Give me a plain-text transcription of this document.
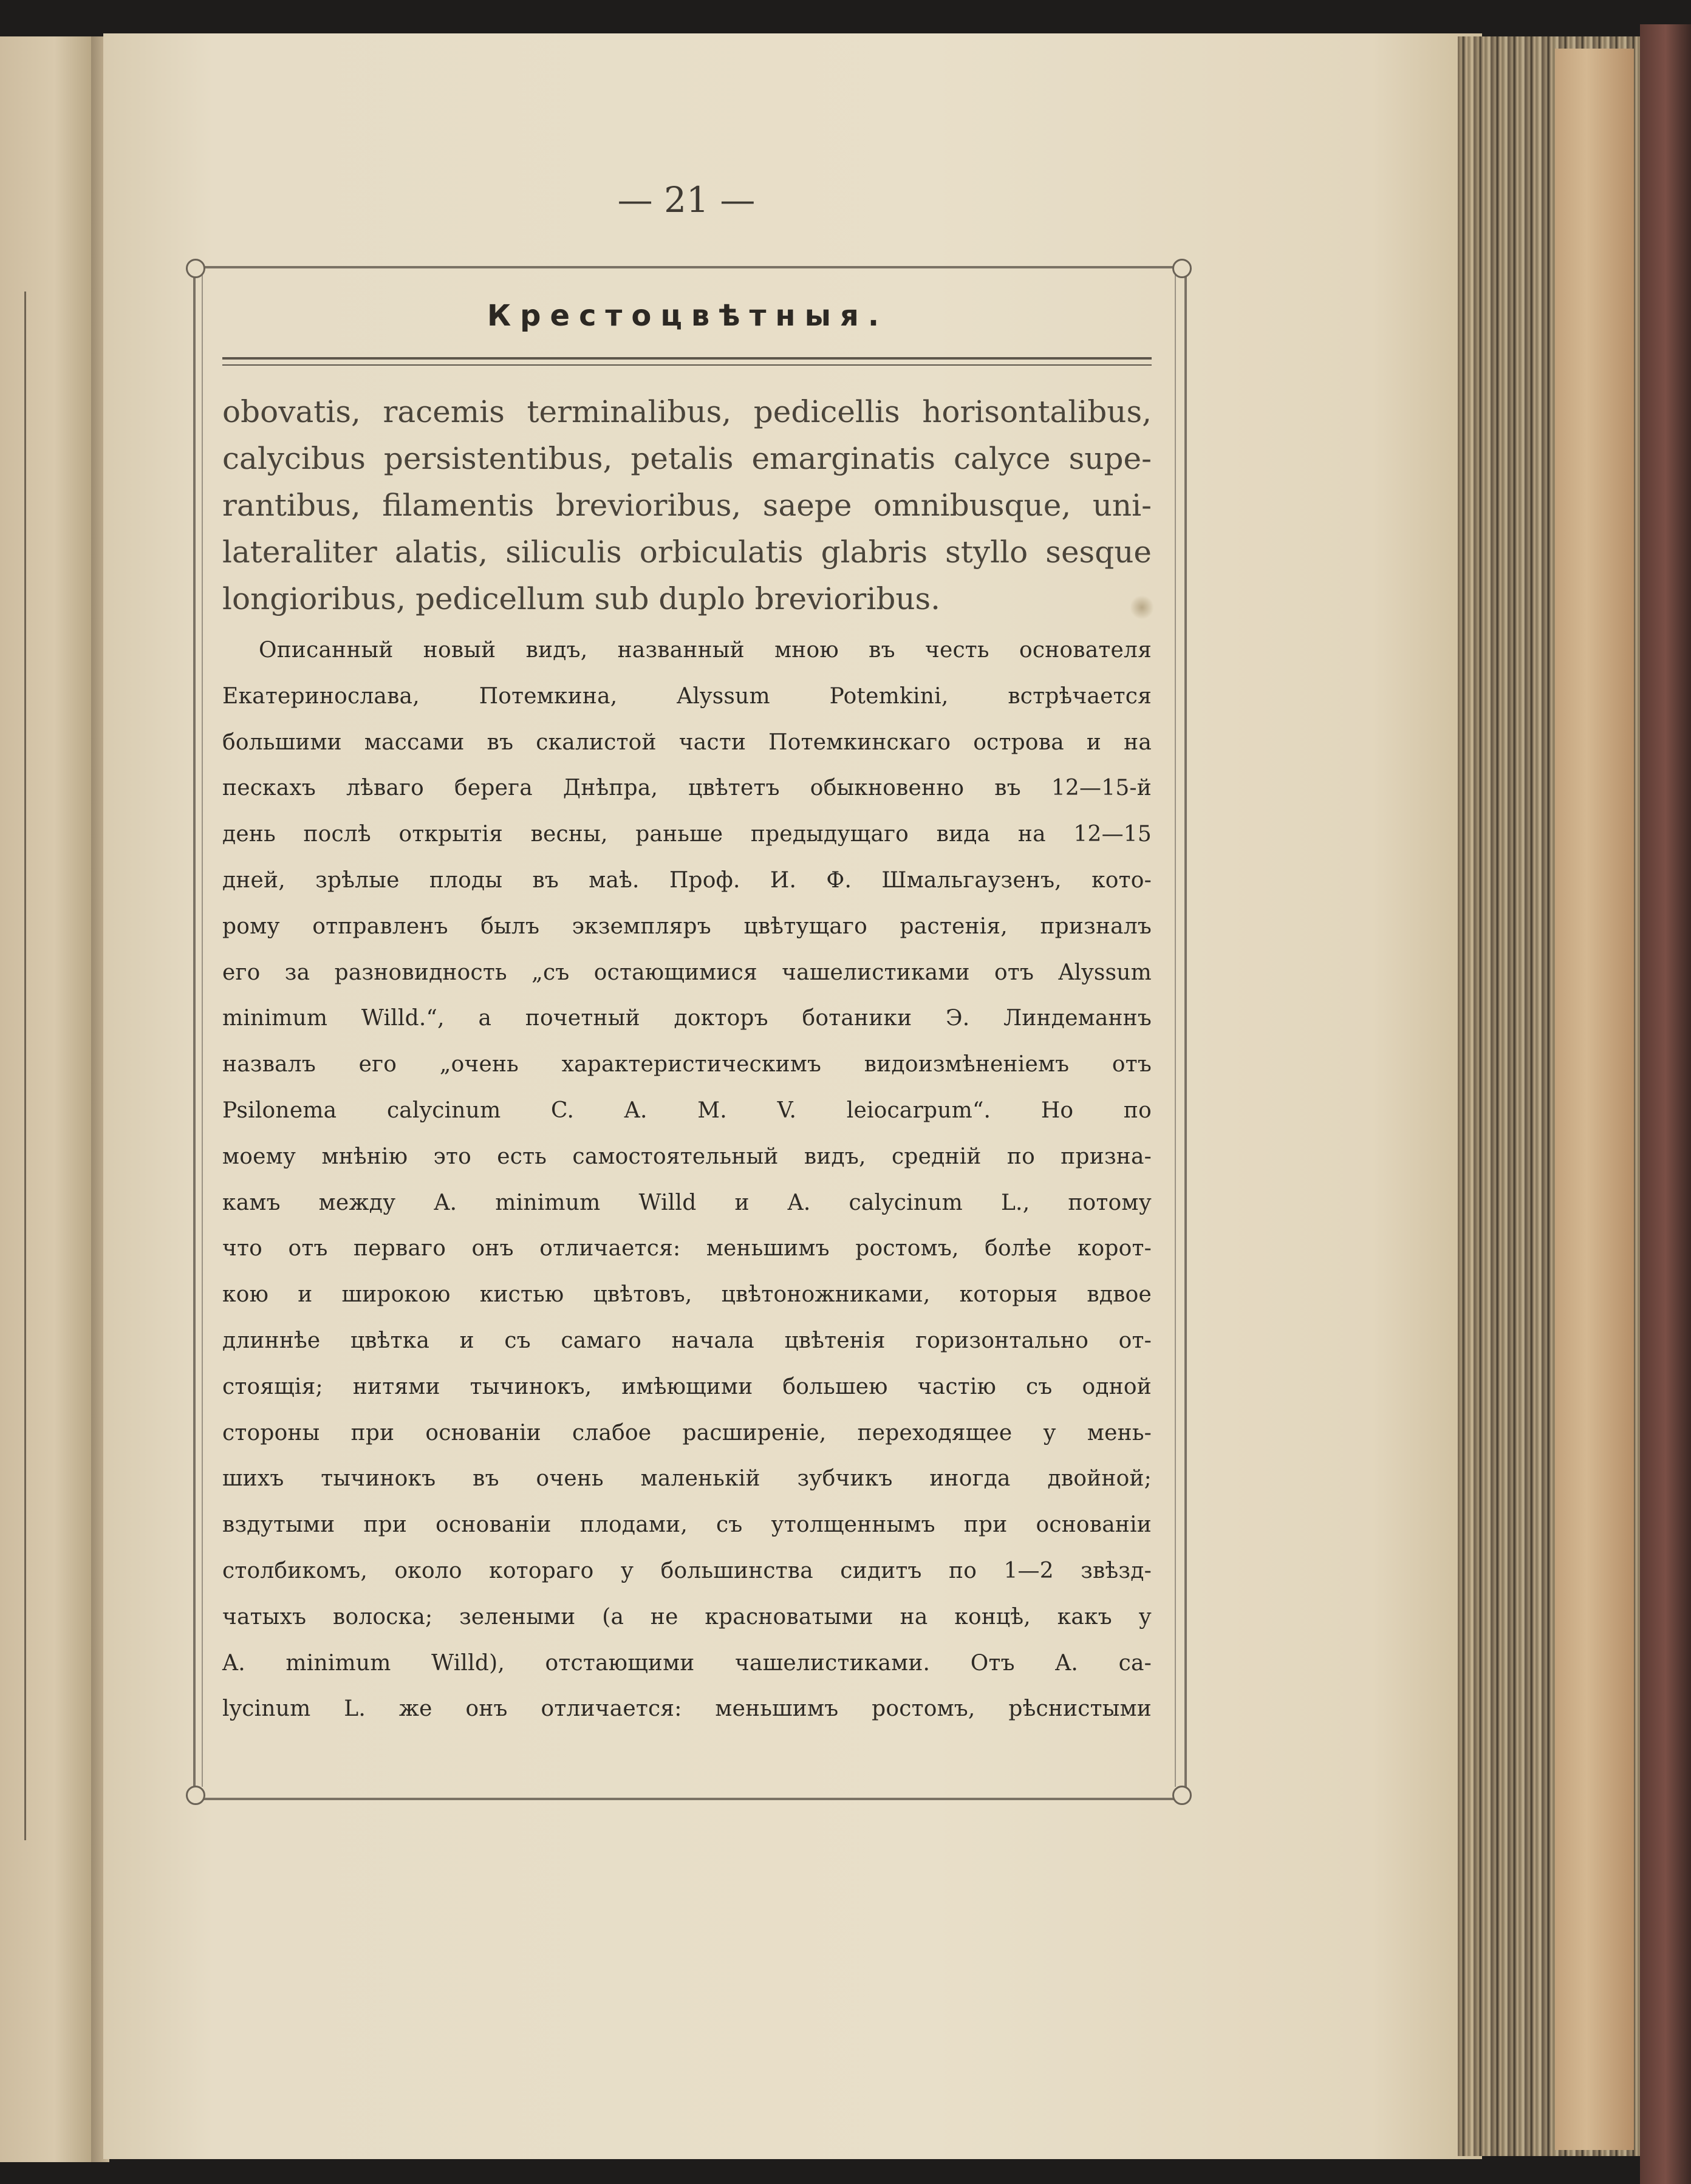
— 21 —
Крестоцвѣтныя.

obovatis, racemis terminalibus, pedicellis horisontalibus,

calycibus persistentibus, petalis emarginatis calyce supe-

rantibus, filamentis brevioribus, saepe omnibusque, uni-

lateraliter alatis, siliculis orbiculatis glabris styllo sesque

longioribus, pedicellum sub duplo brevioribus.

Описанный новый видъ, названный мною въ честь основателя

Екатеринослава, Потемкина, Alyssum Potemkini, встрѣчается

большими массами въ скалистой части Потемкинскаго острова и на

пескахъ лѣваго берега Днѣпра, цвѣтетъ обыкновенно въ 12—15-й

день послѣ открытія весны, раньше предыдущаго вида на 12—15

дней, зрѣлые плоды въ маѣ. Проф. И. Ф. Шмальгаузенъ, кото-

рому отправленъ былъ экземпляръ цвѣтущаго растенія, призналъ

его за разновидность „съ остающимися чашелистиками отъ Alyssum

minimum Willd.“, а почетный докторъ ботаники Э. Линдеманнъ

назвалъ его „очень характеристическимъ видоизмѣненіемъ отъ

Psilonema calycinum C. A. M. V. leiocarpum“. Но по

моему мнѣнію это есть самостоятельный видъ, средній по призна-

камъ между A. minimum Willd и A. calycinum L., потому

что отъ перваго онъ отличается: меньшимъ ростомъ, болѣе корот-

кою и широкою кистью цвѣтовъ, цвѣтоножниками, которыя вдвое

длиннѣе цвѣтка и съ самаго начала цвѣтенія горизонтально от-

стоящія; нитями тычинокъ, имѣющими большею частію съ одной

стороны при основаніи слабое расширеніе, переходящее у мень-

шихъ тычинокъ въ очень маленькій зубчикъ иногда двойной;

вздутыми при основаніи плодами, съ утолщеннымъ при основаніи

столбикомъ, около котораго у большинства сидитъ по 1—2 звѣзд-

чатыхъ волоска; зелеными (а не красноватыми на концѣ, какъ у

A. minimum Willd), отстающими чашелистиками. Отъ A. ca-

lycinum L. же онъ отличается: меньшимъ ростомъ, рѣснистыми
